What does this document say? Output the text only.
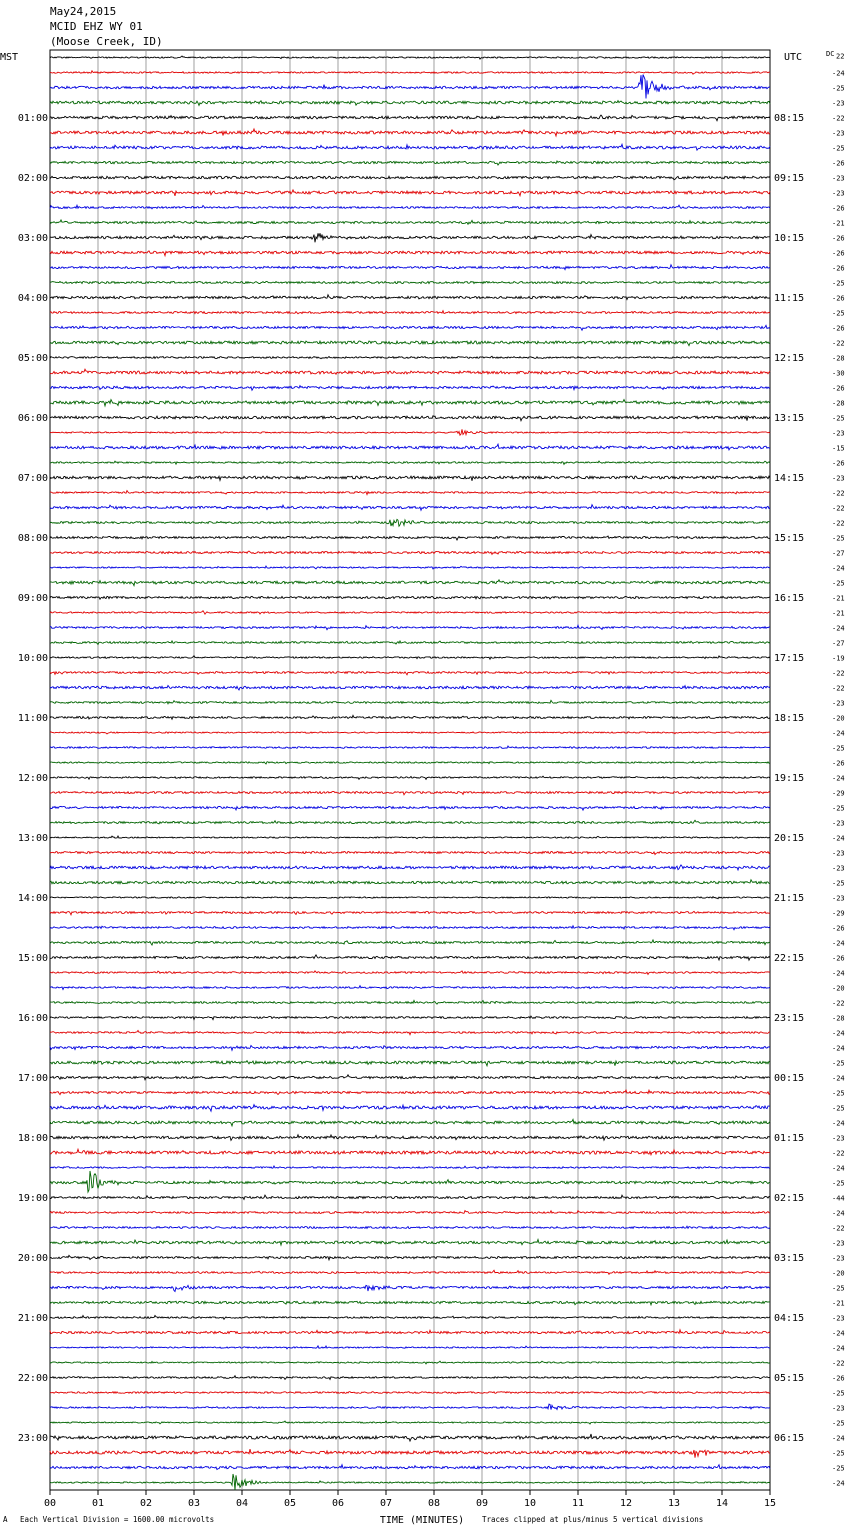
May24,2015
MCID EHZ WY 01
(Moose Creek, ID)
01:00
02:00
03:00
04:00
05:00
06:00
07:00
08:00
09:00
10:00
11:00
12:00
13:00
14:00
15:00
16:00
17:00
18:00
19:00
20:00
21:00
22:00
23:00
08:15
09:15
10:15
11:15
12:15
13:15
14:15
15:15
16:15
17:15
18:15
19:15
20:15
21:15
22:15
23:15
00:15
01:15
02:15
03:15
04:15
05:15
06:15
MST	UTC	DC 22
-24
-25
-23
-22
-23
-25
-26
-23
-23
-26
-21
-26
-26
-26
-25
-26
-25
-26
-22
-28
-30
-26
-28
-25
-23
-15
-26
-23
-22
-22
-22
-25
-27
-24
-25
-21
-21
-24
-27
-19
-22
-22
-23
-20
-24
-25
-26
-24
-29
-25
-23
-24
-23
-23
-25
-23
-29
-26
-24
-26
-24
-20
-22
-28
-24
-24
-25
-24
-25
-25
-24
-23
-22
-24
-25
-44
-24
-22
-23
-23
-20
-25
-21
-23
-24
-24
-22
-26
-25
-23
-25
-24
-25
-25
-24
00	01	02	03	04	05	06	07	08	09	10	11	12	13	14	15
TIME (MINUTES)
A Each Vertical Division = 1600.00 microvolts	Traces clipped at plus/minus 5 vertical divisions
